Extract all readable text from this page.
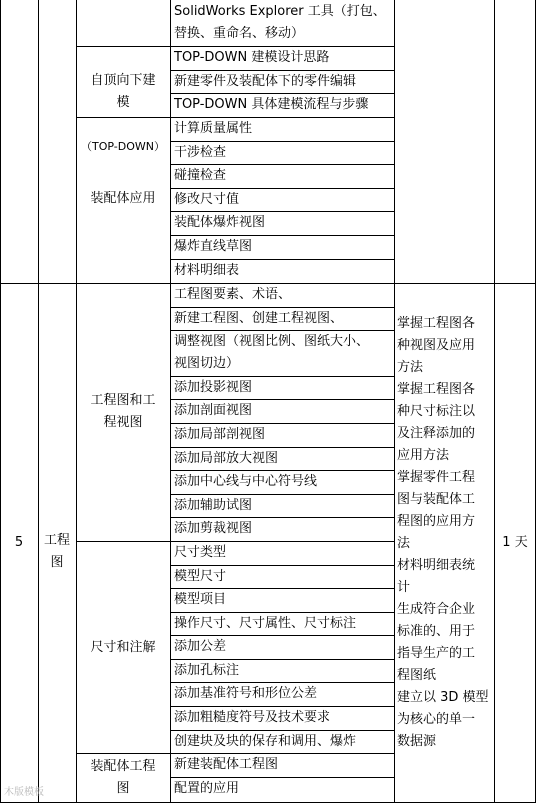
5	工程
图
掌握工程图各
种视图及应用
方法
掌握工程图各
种尺寸标注以
及注释添加的
应用方法
掌握零件工程
图与装配体工
程图的应用方
法
材料明细表统
计
生成符合企业
标准的、用于
指导生产的工
程图纸
建立以 3D 模型
为核心的单一
数据源
1 天

自顶向下建
模

（TOP-DOWN）

装配体应用
工程图和工
程视图
尺寸和注解
装配体工程
图
SolidWorks Explorer 工具（打包、
替换、重命名、移动）
TOP-DOWN 建模设计思路
新建零件及装配体下的零件编辑
TOP-DOWN 具体建模流程与步骤
计算质量属性
干涉检查
碰撞检查
修改尺寸值
装配体爆炸视图
爆炸直线草图
材料明细表
工程图要素、术语、
新建工程图、创建工程视图、
调整视图（视图比例、图纸大小、
视图切边）
添加投影视图
添加剖面视图
添加局部剖视图
添加局部放大视图
添加中心线与中心符号线
添加辅助试图
添加剪裁视图
尺寸类型
模型尺寸
模型项目
操作尺寸、尺寸属性、尺寸标注
添加公差
添加孔标注
添加基准符号和形位公差
添加粗糙度符号及技术要求
创建块及块的保存和调用、爆炸
新建装配体工程图
配置的应用
木版模板
